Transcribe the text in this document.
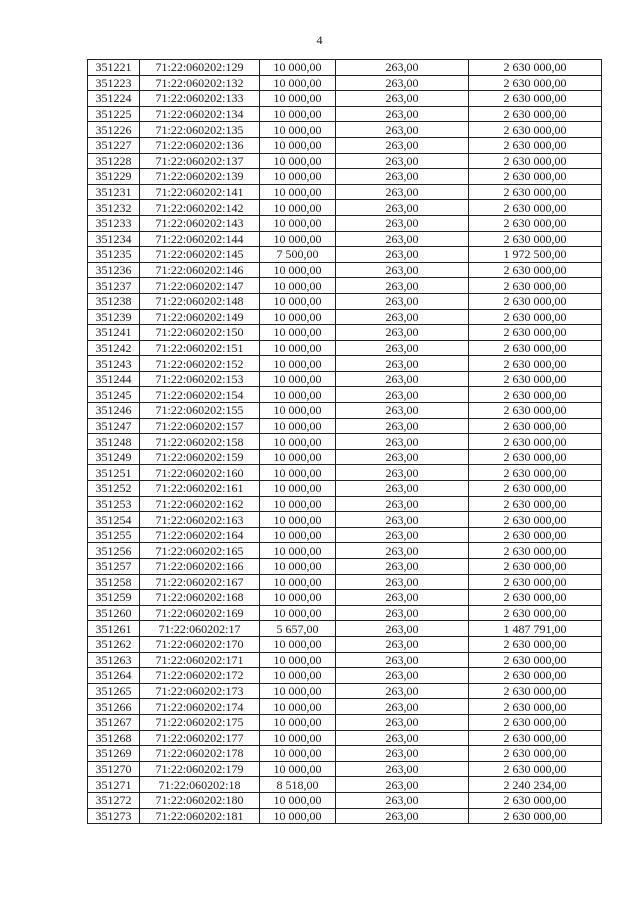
4
351221	71:22:060202:129	10 000,00	263,00	2 630 000,00
351223	71:22:060202:132	10 000,00	263,00	2 630 000,00
351224	71:22:060202:133	10 000,00	263,00	2 630 000,00
351225	71:22:060202:134	10 000,00	263,00	2 630 000,00
351226	71:22:060202:135	10 000,00	263,00	2 630 000,00
351227	71:22:060202:136	10 000,00	263,00	2 630 000,00
351228	71:22:060202:137	10 000,00	263,00	2 630 000,00
351229	71:22:060202:139	10 000,00	263,00	2 630 000,00
351231	71:22:060202:141	10 000,00	263,00	2 630 000,00
351232	71:22:060202:142	10 000,00	263,00	2 630 000,00
351233	71:22:060202:143	10 000,00	263,00	2 630 000,00
351234	71:22:060202:144	10 000,00	263,00	2 630 000,00
351235	71:22:060202:145	7 500,00	263,00	1 972 500,00
351236	71:22:060202:146	10 000,00	263,00	2 630 000,00
351237	71:22:060202:147	10 000,00	263,00	2 630 000,00
351238	71:22:060202:148	10 000,00	263,00	2 630 000,00
351239	71:22:060202:149	10 000,00	263,00	2 630 000,00
351241	71:22:060202:150	10 000,00	263,00	2 630 000,00
351242	71:22:060202:151	10 000,00	263,00	2 630 000,00
351243	71:22:060202:152	10 000,00	263,00	2 630 000,00
351244	71:22:060202:153	10 000,00	263,00	2 630 000,00
351245	71:22:060202:154	10 000,00	263,00	2 630 000,00
351246	71:22:060202:155	10 000,00	263,00	2 630 000,00
351247	71:22:060202:157	10 000,00	263,00	2 630 000,00
351248	71:22:060202:158	10 000,00	263,00	2 630 000,00
351249	71:22:060202:159	10 000,00	263,00	2 630 000,00
351251	71:22:060202:160	10 000,00	263,00	2 630 000,00
351252	71:22:060202:161	10 000,00	263,00	2 630 000,00
351253	71:22:060202:162	10 000,00	263,00	2 630 000,00
351254	71:22:060202:163	10 000,00	263,00	2 630 000,00
351255	71:22:060202:164	10 000,00	263,00	2 630 000,00
351256	71:22:060202:165	10 000,00	263,00	2 630 000,00
351257	71:22:060202:166	10 000,00	263,00	2 630 000,00
351258	71:22:060202:167	10 000,00	263,00	2 630 000,00
351259	71:22:060202:168	10 000,00	263,00	2 630 000,00
351260	71:22:060202:169	10 000,00	263,00	2 630 000,00
351261	71:22:060202:17	5 657,00	263,00	1 487 791,00
351262	71:22:060202:170	10 000,00	263,00	2 630 000,00
351263	71:22:060202:171	10 000,00	263,00	2 630 000,00
351264	71:22:060202:172	10 000,00	263,00	2 630 000,00
351265	71:22:060202:173	10 000,00	263,00	2 630 000,00
351266	71:22:060202:174	10 000,00	263,00	2 630 000,00
351267	71:22:060202:175	10 000,00	263,00	2 630 000,00
351268	71:22:060202:177	10 000,00	263,00	2 630 000,00
351269	71:22:060202:178	10 000,00	263,00	2 630 000,00
351270	71:22:060202:179	10 000,00	263,00	2 630 000,00
351271	71:22:060202:18	8 518,00	263,00	2 240 234,00
351272	71:22:060202:180	10 000,00	263,00	2 630 000,00
351273	71:22:060202:181	10 000,00	263,00	2 630 000,00
